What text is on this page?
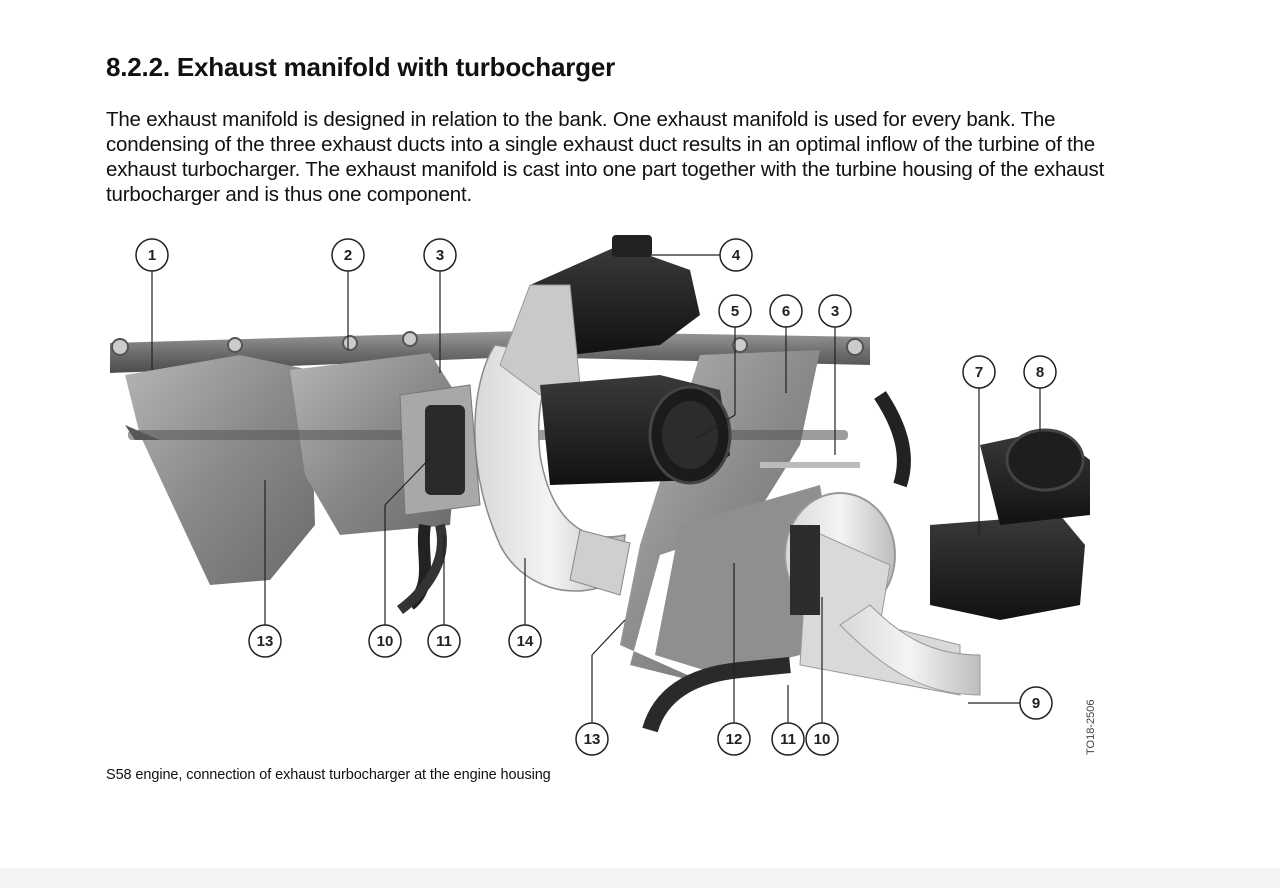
8.2.2. Exhaust manifold with turbocharger

The exhaust manifold is designed in relation to the bank. One exhaust manifold is used for every bank. The condensing of the three exhaust ducts into a single exhaust duct results in an optimal inflow of the turbine of the exhaust turbocharger. The exhaust manifold is cast into one part together with the turbine housing of the exhaust turbocharger and is thus one component.

1	2	3	4
5	6	3
7	8
13	10	11	14
9
13	12	11 10	TO18-2506

S58 engine, connection of exhaust turbocharger at the engine housing
